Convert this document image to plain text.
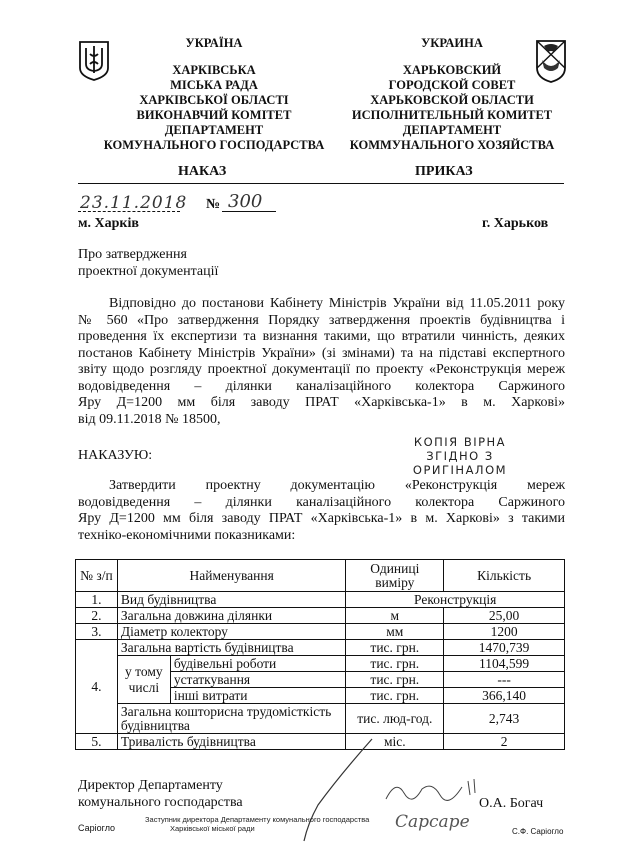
УКРАЇНА
ХАРКІВСЬКА
МІСЬКА РАДА
ХАРКІВСЬКОЇ ОБЛАСТІ
ВИКОНАВЧИЙ КОМІТЕТ
ДЕПАРТАМЕНТ
КОМУНАЛЬНОГО ГОСПОДАРСТВА
УКРАИНА
ХАРЬКОВСКИЙ
ГОРОДСКОЙ СОВЕТ
ХАРЬКОВСКОЙ ОБЛАСТИ
ИСПОЛНИТЕЛЬНЫЙ КОМИТЕТ
ДЕПАРТАМЕНТ
КОММУНАЛЬНОГО ХОЗЯЙСТВА
НАКАЗ	ПРИКАЗ
23.11.2018 № 300
м. Харків	г. Харьков
Про затвердження
проектної документації
Відповідно до постанови Кабінету Міністрів України від 11.05.2011 року
№ 560 «Про затвердження Порядку затвердження проектів будівництва і
проведення їх експертизи та визнання такими, що втратили чинність, деяких
постанов Кабінету Міністрів України» (зі змінами) та на підставі експертного
звіту щодо розгляду проектної документації по проекту «Реконструкція мереж
водовідведення – ділянки каналізаційного колектора Саржиного
Яру Д=1200 мм біля заводу ПРАТ «Харківська-1» в м. Харкові»
від 09.11.2018 № 18500,
НАКАЗУЮ:
КОПІЯ ВІРНА
ЗГІДНО З
ОРИГІНАЛОМ
Затвердити проектну документацію «Реконструкція мереж
водовідведення – ділянки каналізаційного колектора Саржиного
Яру Д=1200 мм біля заводу ПРАТ «Харківська-1» в м. Харкові» з такими
техніко-економічними показниками:
№ з/п	Найменування		Одиниці виміру	Кількість
1.	Вид будівництва		Реконструкція	
2.	Загальна довжина ділянки		м	25,00
3.	Діаметр колектору		мм	1200
4.	Загальна вартість будівництва		тис. грн.	1470,739
	у тому числі	будівельні роботи	тис. грн.	1104,599
		устаткування	тис. грн.	---
		інші витрати	тис. грн.	366,140
	Загальна кошторисна трудомісткість будівництва		тис. люд-год.	2,743
5.	Тривалість будівництва		міс.	2
Директор Департаменту
комунального господарства	О.А. Богач
Саріогло
Заступник директора Департаменту комунального господарства
Харківської міської ради	Сарсаре	С.Ф. Саріогло
